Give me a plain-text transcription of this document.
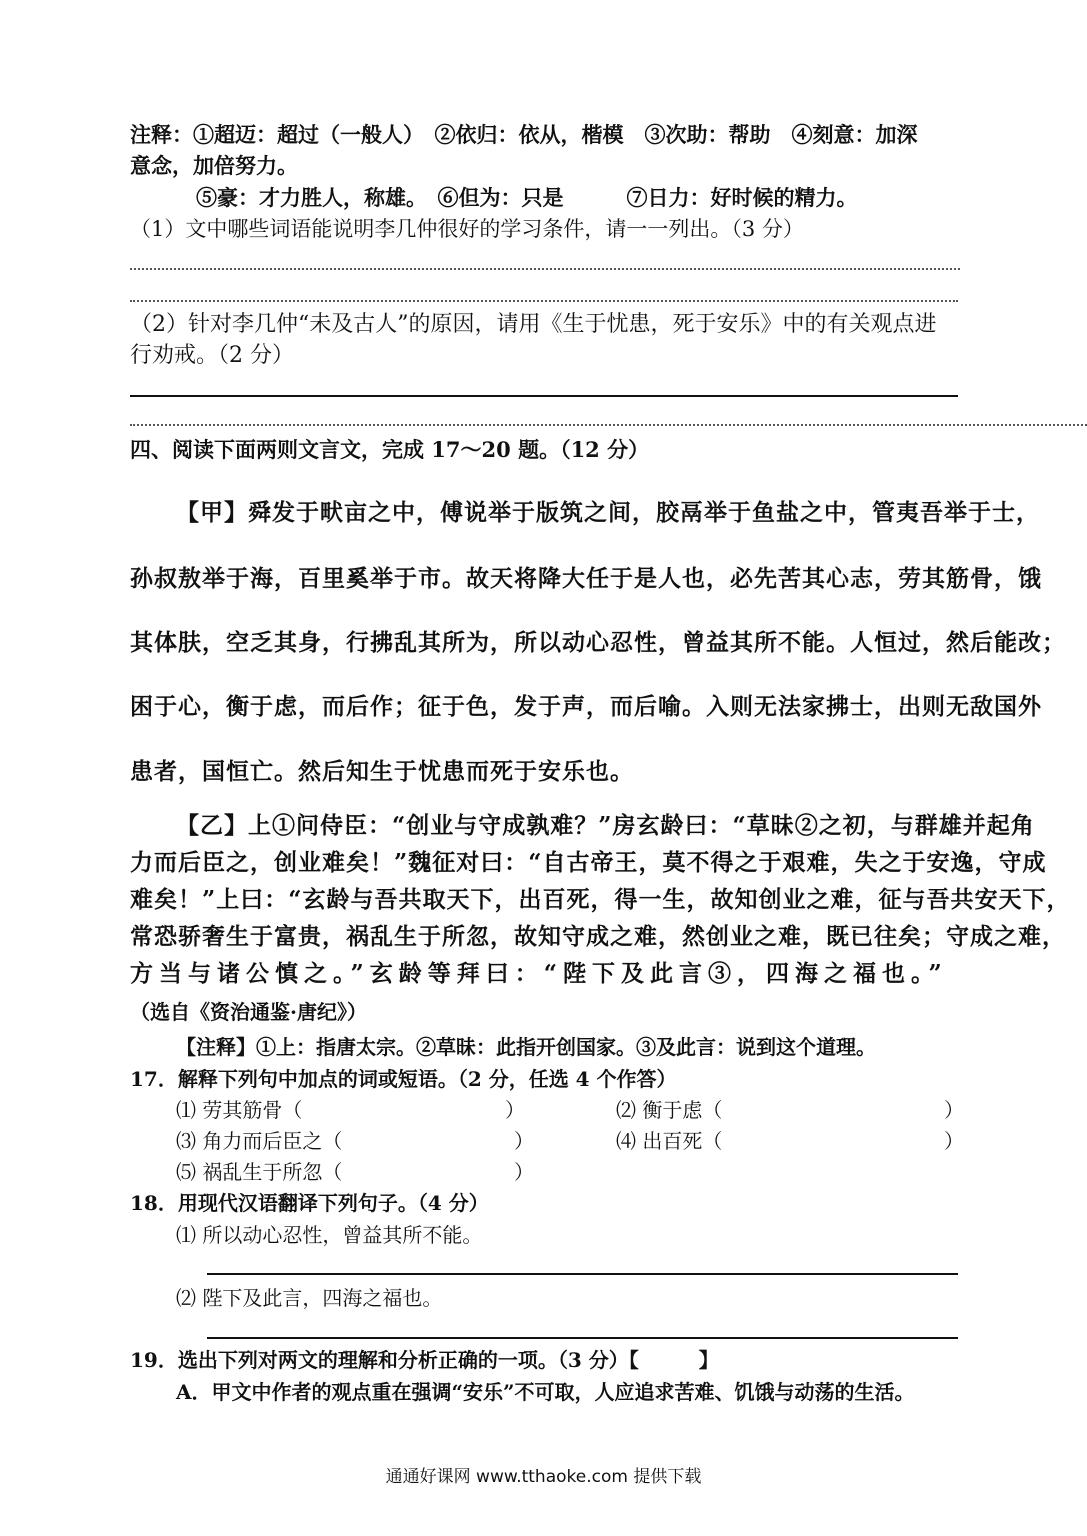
注释：①超迈：超过（一般人）　②依归：依从，楷模　③次助：帮助　④刻意：加深
意念，加倍努力。
⑤豪：才力胜人，称雄。　⑥但为：只是　　　⑦日力：好时候的精力。
（1）文中哪些词语能说明李几仲很好的学习条件，请一一列出。（3 分）
（2）针对李几仲“未及古人”的原因，请用《生于忧患，死于安乐》中的有关观点进
行劝戒。（2 分）
四、阅读下面两则文言文，完成 17～20 题。（12 分）
【甲】舜发于畎亩之中，傅说举于版筑之间，胶鬲举于鱼盐之中，管夷吾举于士，
孙叔敖举于海，百里奚举于市。故天将降大任于是人也，必先苦其心志，劳其筋骨，饿
其体肤，空乏其身，行拂乱其所为，所以动心忍性，曾益其所不能。人恒过，然后能改；
困于心，衡于虑，而后作；征于色，发于声，而后喻。入则无法家拂士，出则无敌国外
患者，国恒亡。然后知生于忧患而死于安乐也。
【乙】上①问侍臣：“创业与守成孰难？”房玄龄曰：“草昧②之初，与群雄并起角
力而后臣之，创业难矣！”魏征对曰：“自古帝王，莫不得之于艰难，失之于安逸，守成
难矣！”上曰：“玄龄与吾共取天下，出百死，得一生，故知创业之难，征与吾共安天下，
常恐骄奢生于富贵，祸乱生于所忽，故知守成之难，然创业之难，既已往矣；守成之难，
方当与诸公慎之。”玄龄等拜曰：“陛下及此言③，四海之福也。”
（选自《资治通鉴·唐纪》）
【注释】①上：指唐太宗。②草昧：此指开创国家。③及此言：说到这个道理。
17．解释下列句中加点的词或短语。（2 分，任选 4 个作答）
⑴ 劳其筋骨（	）	⑵ 衡于虑（	）
⑶ 角力而后臣之（	）	⑷ 出百死（	）
⑸ 祸乱生于所忽（	）
18．用现代汉语翻译下列句子。（4 分）
⑴ 所以动心忍性，曾益其所不能。
⑵ 陛下及此言，四海之福也。
19．选出下列对两文的理解和分析正确的一项。（3 分）【　　　】
A．甲文中作者的观点重在强调“安乐”不可取，人应追求苦难、饥饿与动荡的生活。
通通好课网 www.tthaoke.com 提供下载
